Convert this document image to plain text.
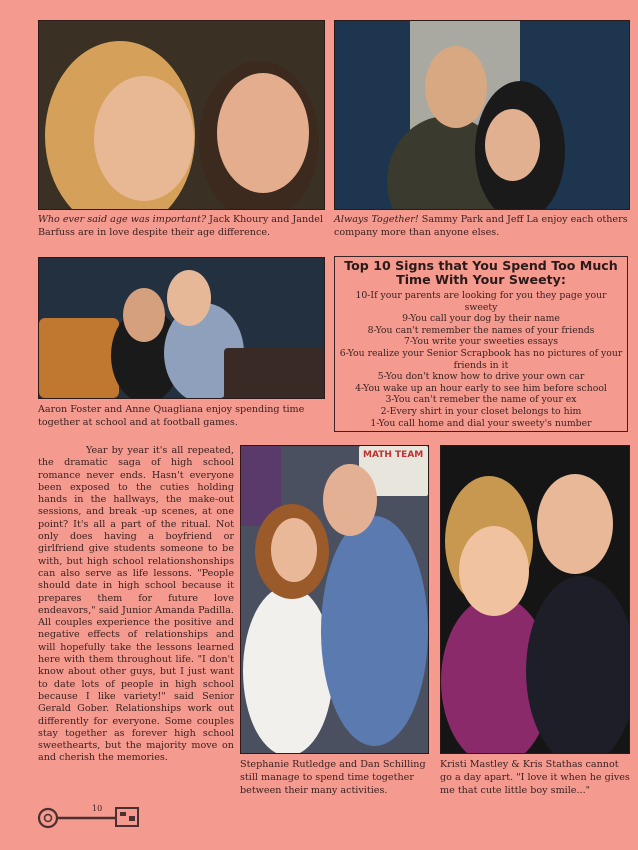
Who ever said age was important? Jack Khoury and Jandel Barfuss are in love despite their age difference.
Always Together! Sammy Park and Jeff La enjoy each others company more than anyone elses.
Aaron Foster and Anne Quagliana enjoy spending time together at school and at football games.
Top 10 Signs that You Spend Too Much Time With Your Sweety:
10-If your parents are looking for you they page your sweety
9-You call your dog by their name
8-You can't remember the names of your friends
7-You write your sweeties essays
6-You realize your Senior Scrapbook has no pictures of your friends in it
5-You don't know how to drive your own car
4-You wake up an hour early to see him before school
3-You can't remeber the name of your ex
2-Every shirt in your closet belongs to him
1-You call home and dial your sweety's number

Year by year it's all repeated, the dramatic saga of high school romance never ends. Hasn't everyone been exposed to the cuties holding hands in the hallways, the make-out sessions, and break -up scenes, at one point? It's all a part of the ritual. Not only does having a boyfriend or girlfriend give students someone to be with, but high school relationshonships can also serve as life lessons. "People should date in high school because it prepares them for future love endeavors," said Junior Amanda Padilla. All couples experience the positive and negative effects of relationships and will hopefully take the lessons learned here with them throughout life. "I don't know about other guys, but I just want to date lots of people in high school because I like variety!" said Senior Gerald Gober. Relationships work out differently for everyone. Some couples stay together as forever high school sweethearts, but the majority move on and cherish the memories.

MATH TEAM
Stephanie Rutledge and Dan Schilling still manage to spend time together between their many activities.
Kristi Mastley & Kris Stathas cannot go a day apart. "I love it when he gives me that cute little boy smile..."
10
